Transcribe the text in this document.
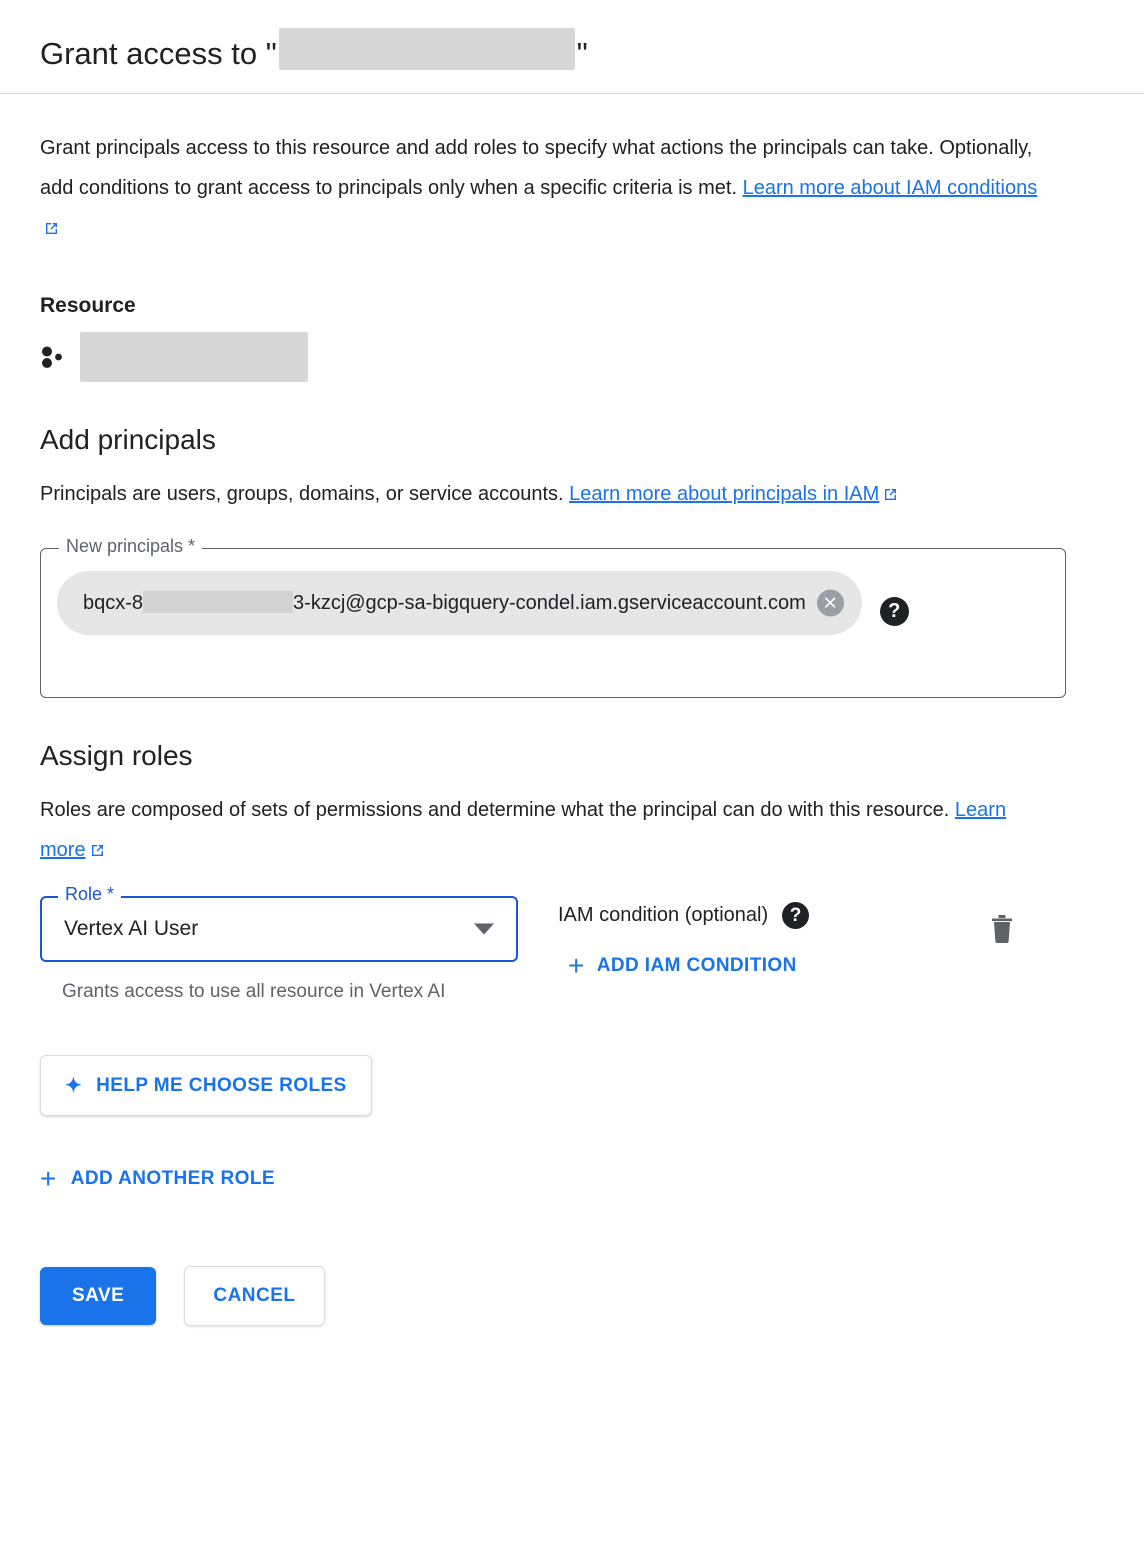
Grant access to "	"

Grant principals access to this resource and add roles to specify what actions the principals can take. Optionally, add conditions to grant access to principals only when a specific criteria is met. Learn more about IAM conditions

Resource
Add principals

Principals are users, groups, domains, or service accounts. Learn more about principals in IAM

New principals *
bqcx-8	3-kzcj@gcp-sa-bigquery-condel.iam.gserviceaccount.com ×	?
Assign roles

Roles are composed of sets of permissions and determine what the principal can do with this resource. Learn more

Role *
Vertex AI User
Grants access to use all resource in Vertex AI
IAM condition (optional)	?
+ ADD IAM CONDITION
✦ HELP ME CHOOSE ROLES
+ ADD ANOTHER ROLE
SAVE	CANCEL
